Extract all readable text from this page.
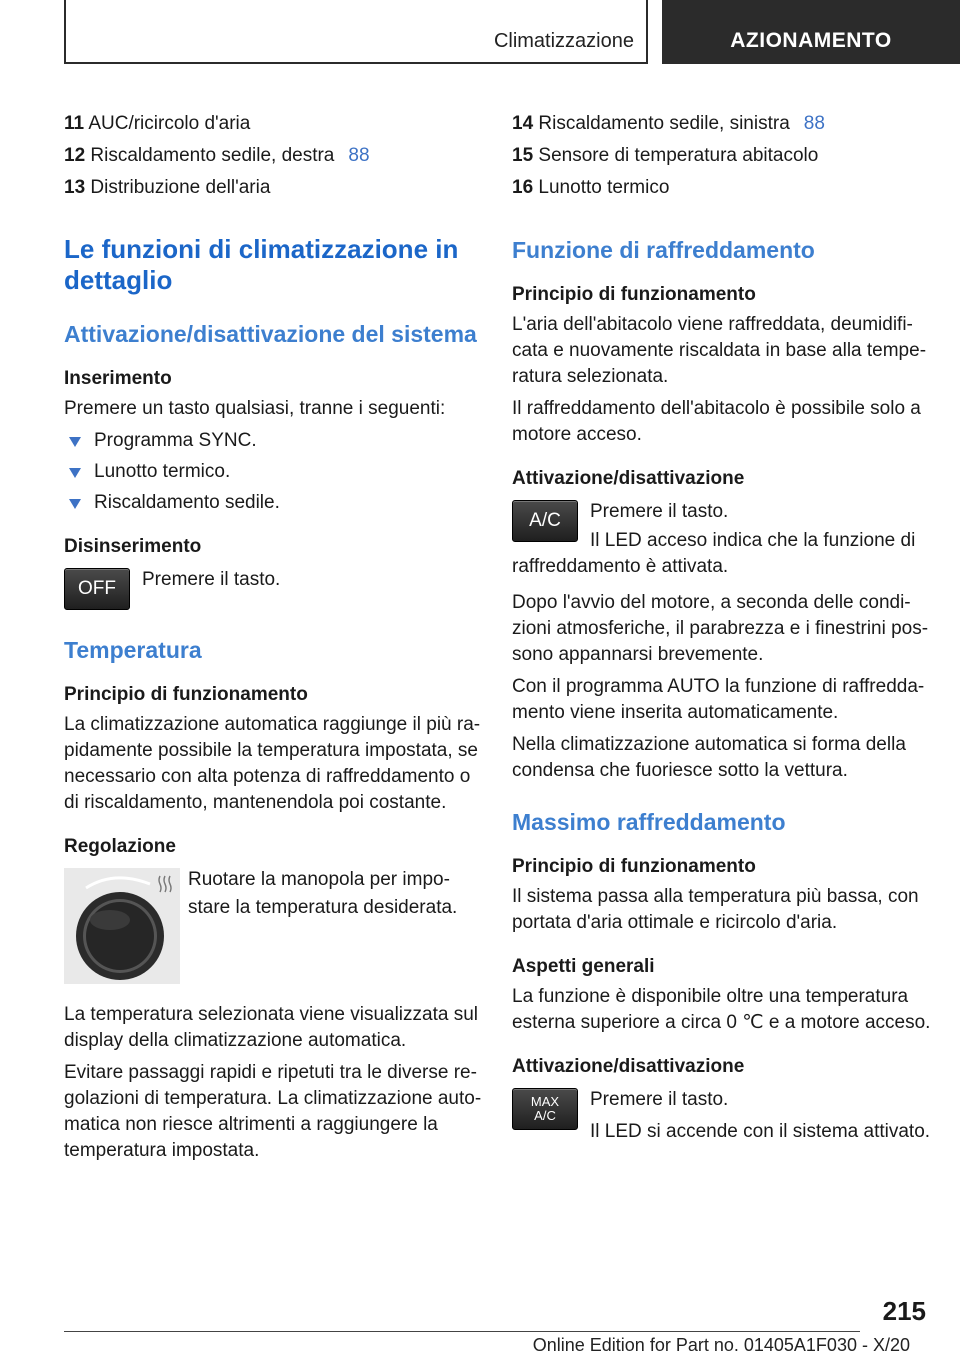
Climatizzazione	AZIONAMENTO
11 AUC/ricircolo d'aria
12 Riscaldamento sedile, destra 88
13 Distribuzione dell'aria
Le funzioni di climatizzazione in dettaglio
Attivazione/disattivazione del sistema
Inserimento
Premere un tasto qualsiasi, tranne i seguenti:
Programma SYNC.
Lunotto termico.
Riscaldamento sedile.
Disinserimento
OFF	Premere il tasto.
Temperatura
Principio di funzionamento
La climatizzazione automatica raggiunge il più ra-pidamente possibile la temperatura impostata, se necessario con alta potenza di raffreddamento o di riscaldamento, mantenendola poi costante.
Regolazione
Ruotare la manopola per impo-stare la temperatura desiderata.
La temperatura selezionata viene visualizzata sul display della climatizzazione automatica.
Evitare passaggi rapidi e ripetuti tra le diverse re-golazioni di temperatura. La climatizzazione auto-matica non riesce altrimenti a raggiungere la temperatura impostata.
14 Riscaldamento sedile, sinistra 88
15 Sensore di temperatura abitacolo
16 Lunotto termico
Funzione di raffreddamento
Principio di funzionamento
L'aria dell'abitacolo viene raffreddata, deumidifi-cata e nuovamente riscaldata in base alla tempe-ratura selezionata.
Il raffreddamento dell'abitacolo è possibile solo a motore acceso.
Attivazione/disattivazione
A/C	Premere il tasto.
Il LED acceso indica che la funzione di raffreddamento è attivata.
Dopo l'avvio del motore, a seconda delle condi-zioni atmosferiche, il parabrezza e i finestrini pos-sono appannarsi brevemente.
Con il programma AUTO la funzione di raffredda-mento viene inserita automaticamente.
Nella climatizzazione automatica si forma della condensa che fuoriesce sotto la vettura.
Massimo raffreddamento
Principio di funzionamento
Il sistema passa alla temperatura più bassa, con portata d'aria ottimale e ricircolo d'aria.
Aspetti generali
La funzione è disponibile oltre una temperatura esterna superiore a circa 0 ℃ e a motore acceso.
Attivazione/disattivazione
MAX
A/C
Premere il tasto.
Il LED si accende con il sistema attivato.
215
Online Edition for Part no. 01405A1F030 - X/20
